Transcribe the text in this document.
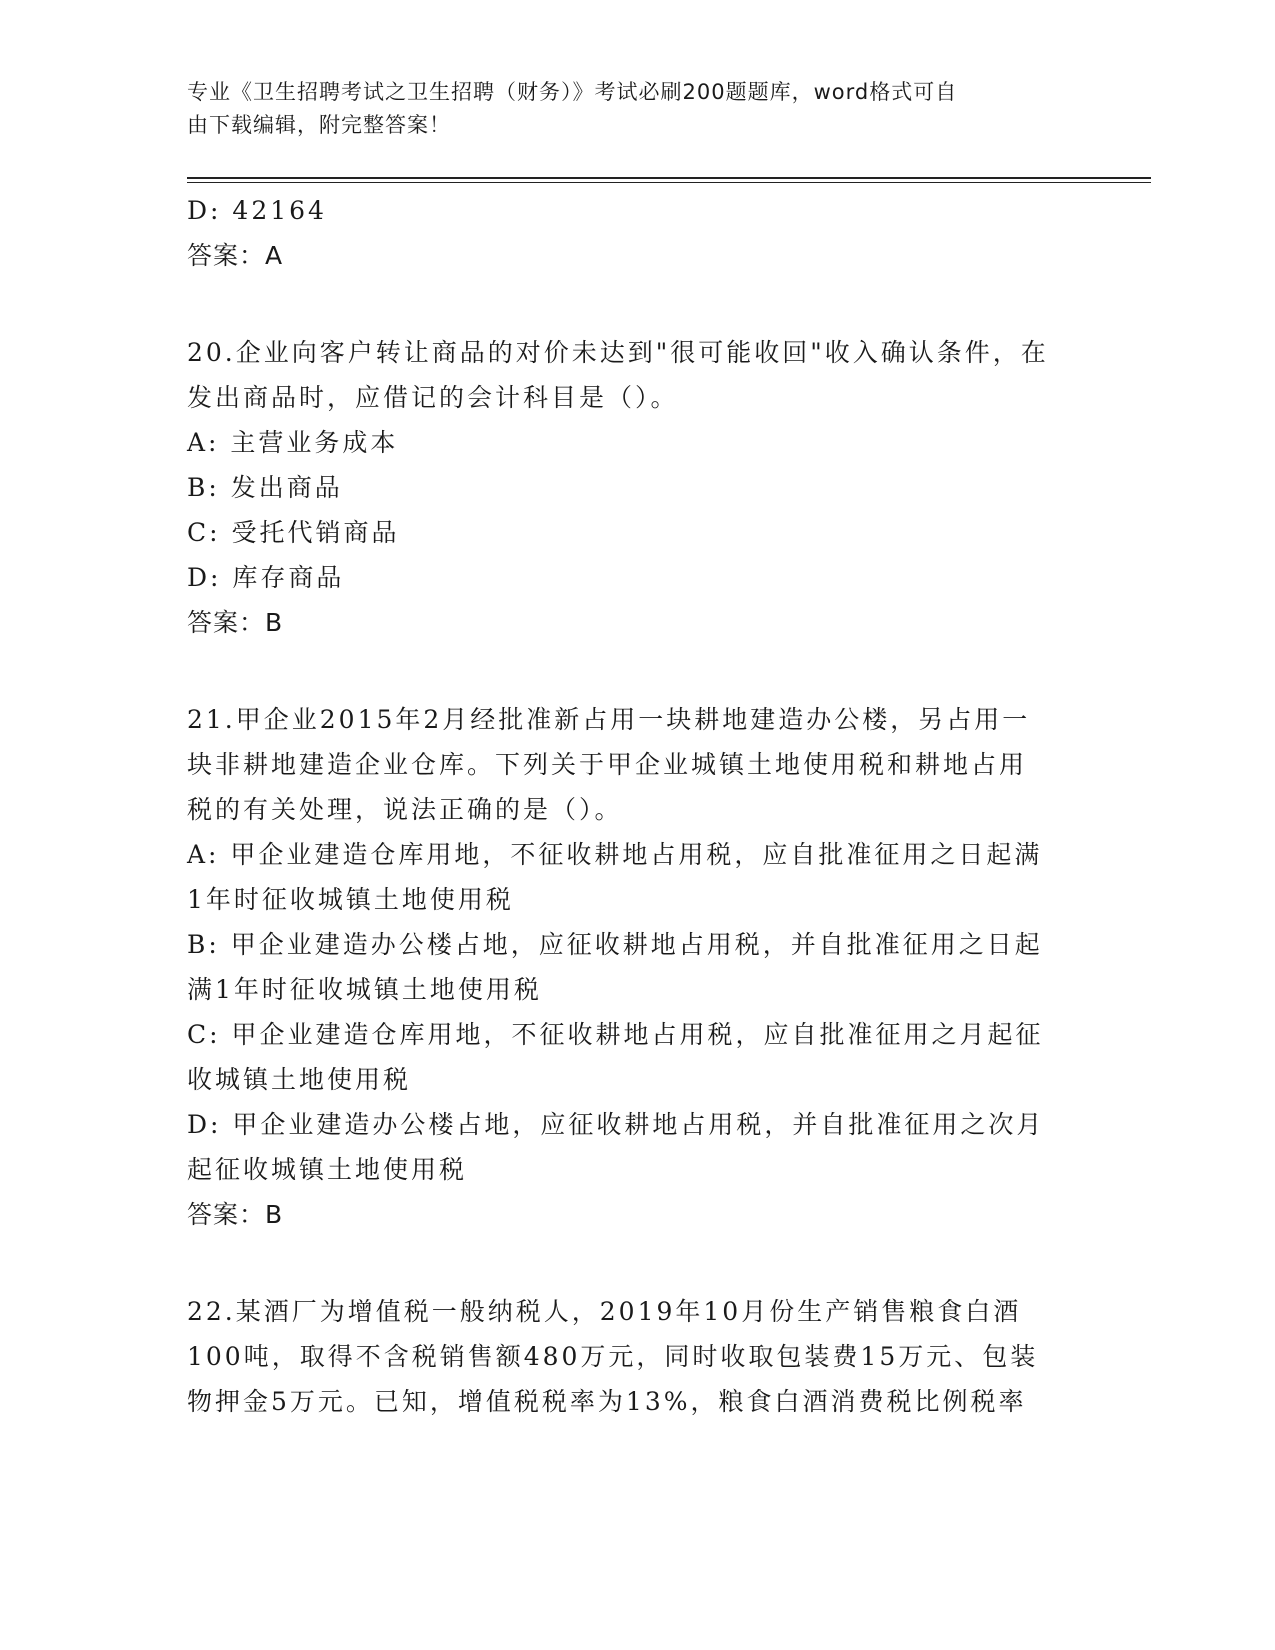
专业《卫生招聘考试之卫生招聘（财务）》考试必刷200题题库，word格式可自
由下载编辑，附完整答案！
D: 42164
答案：A
20.企业向客户转让商品的对价未达到"很可能收回"收入确认条件，在
发出商品时，应借记的会计科目是（）。
A: 主营业务成本
B: 发出商品
C: 受托代销商品
D: 库存商品
答案：B
21.甲企业2015年2月经批准新占用一块耕地建造办公楼，另占用一
块非耕地建造企业仓库。下列关于甲企业城镇土地使用税和耕地占用
税的有关处理，说法正确的是（）。
A: 甲企业建造仓库用地，不征收耕地占用税，应自批准征用之日起满
1年时征收城镇土地使用税
B: 甲企业建造办公楼占地，应征收耕地占用税，并自批准征用之日起
满1年时征收城镇土地使用税
C: 甲企业建造仓库用地，不征收耕地占用税，应自批准征用之月起征
收城镇土地使用税
D: 甲企业建造办公楼占地，应征收耕地占用税，并自批准征用之次月
起征收城镇土地使用税
答案：B
22.某酒厂为增值税一般纳税人，2019年10月份生产销售粮食白酒
100吨，取得不含税销售额480万元，同时收取包装费15万元、包装
物押金5万元。已知，增值税税率为13%，粮食白酒消费税比例税率
